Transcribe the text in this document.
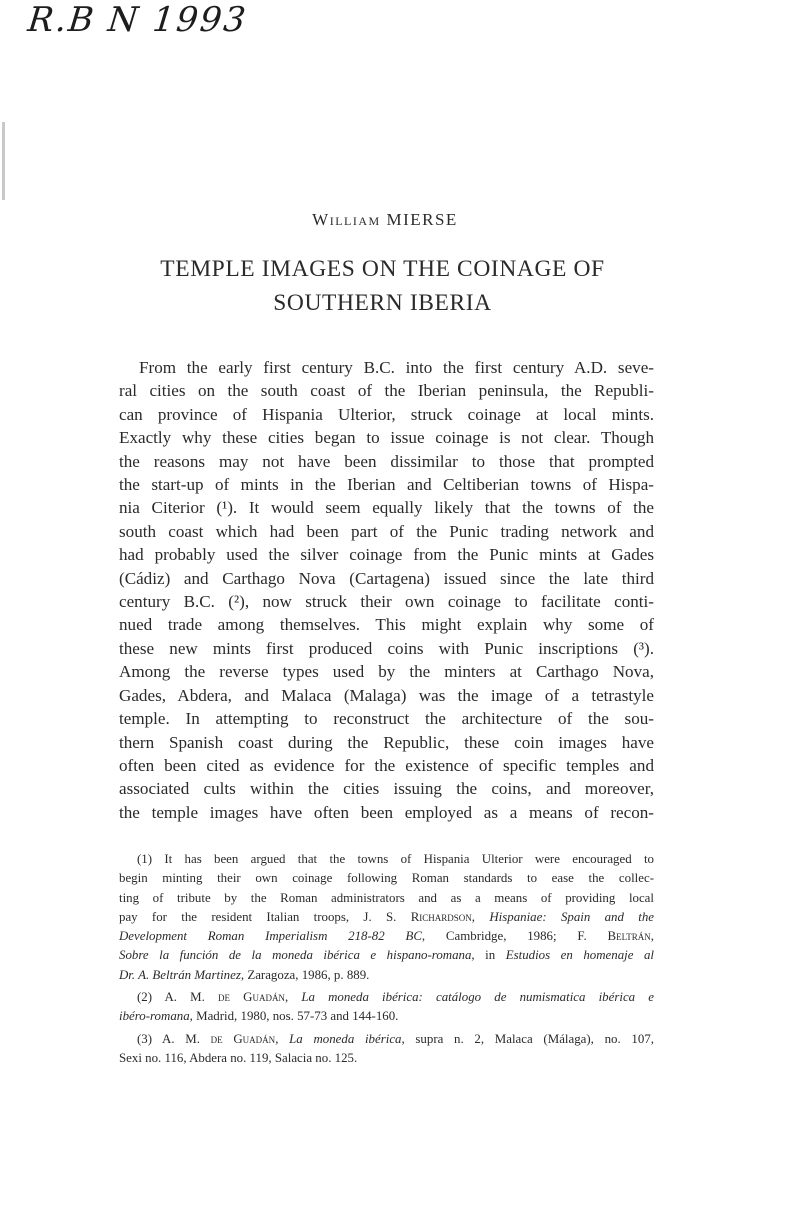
R.B N 1993
William MIERSE
TEMPLE IMAGES ON THE COINAGE OF
SOUTHERN IBERIA
From the early first century B.C. into the first century A.D. seve-
ral cities on the south coast of the Iberian peninsula, the Republi-
can province of Hispania Ulterior, struck coinage at local mints.
Exactly why these cities began to issue coinage is not clear. Though
the reasons may not have been dissimilar to those that prompted
the start-up of mints in the Iberian and Celtiberian towns of Hispa-
nia Citerior (¹). It would seem equally likely that the towns of the
south coast which had been part of the Punic trading network and
had probably used the silver coinage from the Punic mints at Gades
(Cádiz) and Carthago Nova (Cartagena) issued since the late third
century B.C. (²), now struck their own coinage to facilitate conti-
nued trade among themselves. This might explain why some of
these new mints first produced coins with Punic inscriptions (³).
Among the reverse types used by the minters at Carthago Nova,
Gades, Abdera, and Malaca (Malaga) was the image of a tetrastyle
temple. In attempting to reconstruct the architecture of the sou-
thern Spanish coast during the Republic, these coin images have
often been cited as evidence for the existence of specific temples and
associated cults within the cities issuing the coins, and moreover,
the temple images have often been employed as a means of recon-
(1) It has been argued that the towns of Hispania Ulterior were encouraged to
begin minting their own coinage following Roman standards to ease the collec-
ting of tribute by the Roman administrators and as a means of providing local
pay for the resident Italian troops, J. S. Richardson, Hispaniae: Spain and the
Development Roman Imperialism 218-82 BC, Cambridge, 1986; F. Beltrán,
Sobre la función de la moneda ibérica e hispano-romana, in Estudios en homenaje al
Dr. A. Beltrán Martinez, Zaragoza, 1986, p. 889.
(2) A. M. de Guadán, La moneda ibérica: catálogo de numismatica ibérica e
ibéro-romana, Madrid, 1980, nos. 57-73 and 144-160.
(3) A. M. de Guadán, La moneda ibérica, supra n. 2, Malaca (Málaga), no. 107,
Sexi no. 116, Abdera no. 119, Salacia no. 125.
